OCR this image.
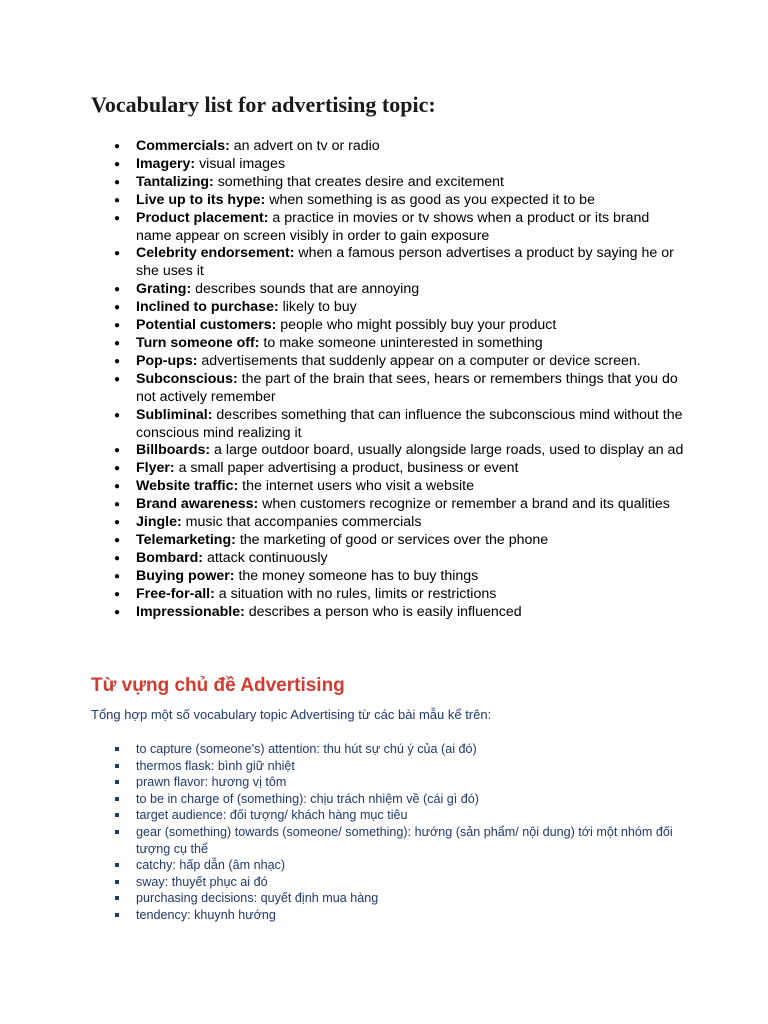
Vocabulary list for advertising topic:
● Commercials: an advert on tv or radio
● Imagery: visual images
● Tantalizing: something that creates desire and excitement
● Live up to its hype: when something is as good as you expected it to be
● Product placement: a practice in movies or tv shows when a product or its brand name appear on screen visibly in order to gain exposure
● Celebrity endorsement: when a famous person advertises a product by saying he or she uses it
● Grating: describes sounds that are annoying
● Inclined to purchase: likely to buy
● Potential customers: people who might possibly buy your product
● Turn someone off: to make someone uninterested in something
● Pop-ups: advertisements that suddenly appear on a computer or device screen.
● Subconscious: the part of the brain that sees, hears or remembers things that you do not actively remember
● Subliminal: describes something that can influence the subconscious mind without the conscious mind realizing it
● Billboards: a large outdoor board, usually alongside large roads, used to display an ad
● Flyer: a small paper advertising a product, business or event
● Website traffic: the internet users who visit a website
● Brand awareness: when customers recognize or remember a brand and its qualities
● Jingle: music that accompanies commercials
● Telemarketing: the marketing of good or services over the phone
● Bombard: attack continuously
● Buying power: the money someone has to buy things
● Free-for-all: a situation with no rules, limits or restrictions
● Impressionable: describes a person who is easily influenced
Từ vựng chủ đề Advertising

Tổng hợp một số vocabulary topic Advertising từ các bài mẫu kể trên:

to capture (someone’s) attention: thu hút sự chú ý của (ai đó)
thermos flask: bình giữ nhiệt
prawn flavor: hương vị tôm
to be in charge of (something): chịu trách nhiệm về (cái gì đó)
target audience: đối tượng/ khách hàng mục tiêu
gear (something) towards (someone/ something): hướng (sản phẩm/ nội dung) tới một nhóm đối tượng cụ thể
catchy: hấp dẫn (âm nhạc)
sway: thuyết phục ai đó
purchasing decisions: quyết định mua hàng
tendency: khuynh hướng
